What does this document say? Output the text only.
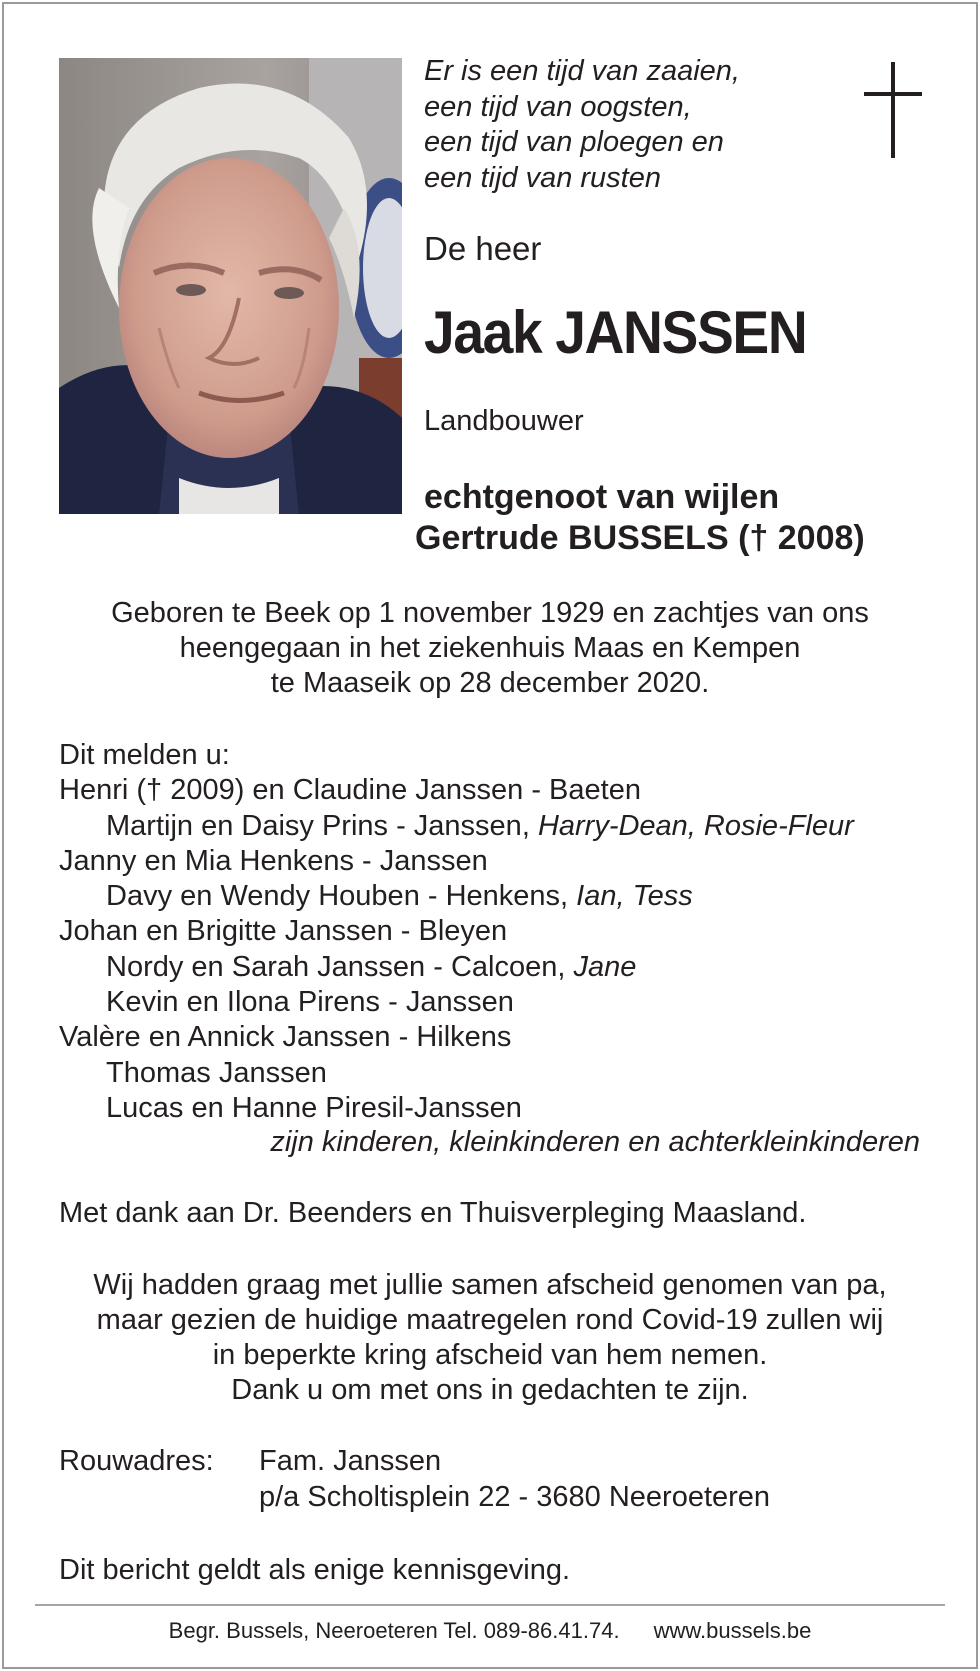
Er is een tijd van zaaien,
een tijd van oogsten,
een tijd van ploegen en
een tijd van rusten
De heer
Jaak JANSSEN
Landbouwer
echtgenoot van wijlen
Gertrude BUSSELS († 2008)
Geboren te Beek op 1 november 1929 en zachtjes van ons
heengegaan in het ziekenhuis Maas en Kempen
te Maaseik op 28 december 2020.
Dit melden u:
Henri († 2009) en Claudine Janssen - Baeten
Martijn en Daisy Prins - Janssen, Harry-Dean, Rosie-Fleur
Janny en Mia Henkens - Janssen
Davy en Wendy Houben - Henkens, Ian, Tess
Johan en Brigitte Janssen - Bleyen
Nordy en Sarah Janssen - Calcoen, Jane
Kevin en Ilona Pirens - Janssen
Valère en Annick Janssen - Hilkens
Thomas Janssen
Lucas en Hanne Piresil-Janssen
zijn kinderen, kleinkinderen en achterkleinkinderen
Met dank aan Dr. Beenders en Thuisverpleging Maasland.
Wij hadden graag met jullie samen afscheid genomen van pa,
maar gezien de huidige maatregelen rond Covid-19 zullen wij
in beperkte kring afscheid van hem nemen.
Dank u om met ons in gedachten te zijn.
Rouwadres: Fam. Janssen
p/a Scholtisplein 22 - 3680 Neeroeteren
Dit bericht geldt als enige kennisgeving.
Begr. Bussels, Neeroeteren Tel. 089-86.41.74. www.bussels.be
